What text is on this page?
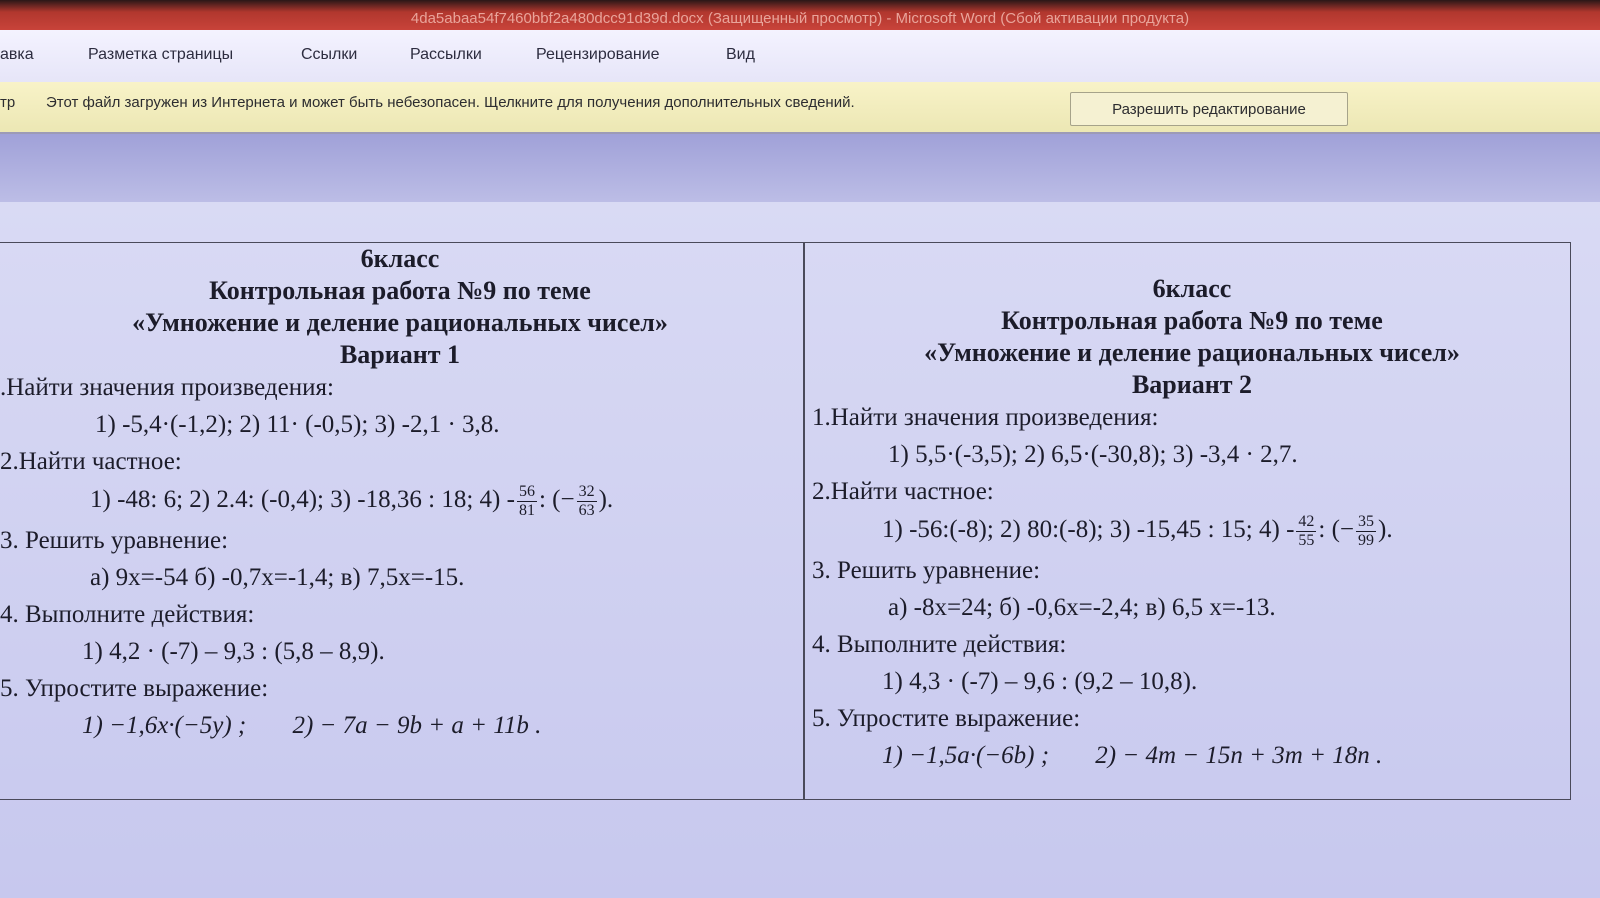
4da5abaa54f7460bbf2a480dcc91d39d.docx (Защищенный просмотр) - Microsoft Word (Сбой активации продукта)
авка	Разметка страницы	Ссылки	Рассылки	Рецензирование	Вид
тр Этот файл загружен из Интернета и может быть небезопасен. Щелкните для получения дополнительных сведений.	Разрешить редактирование
6класс
Контрольная работа №9 по теме
«Умножение и деление рациональных чисел»
Вариант 1
.Найти значения произведения:
1) -5,4·(-1,2); 2) 11· (-0,5); 3) -2,1 · 3,8.
2.Найти частное:
1) -48: 6; 2) 2.4: (-0,4); 3) -18,36 : 18; $4) - \frac{56}{81}$ : (− $\frac{32}{63}$ ).
3. Решить уравнение:
а) 9x=-54 б) -0,7x=-1,4; в) 7,5x=-15.
4. Выполните действия:
1) 4,2 · (-7) – 9,3 : (5,8 – 8,9).
5. Упростите выражение:
1) −1,6x·(−5y) ; 2) − 7a − 9b + a + 11b .
6класс
Контрольная работа №9 по теме
«Умножение и деление рациональных чисел»
Вариант 2
1.Найти значения произведения:
1) 5,5·(-3,5); 2) 6,5·(-30,8); 3) -3,4 · 2,7.
2.Найти частное:
1) -56:(-8); 2) 80:(-8); 3) -15,45 : 15; $4) - \frac{42}{55}$ : (− $\frac{35}{99}$ ).
3. Решить уравнение:
а) -8x=24; б) -0,6x=-2,4; в) 6,5 x=-13.
4. Выполните действия:
1) 4,3 · (-7) – 9,6 : (9,2 – 10,8).
5. Упростите выражение:
1) −1,5a·(−6b) ; 2) − 4m − 15n + 3m + 18n .
